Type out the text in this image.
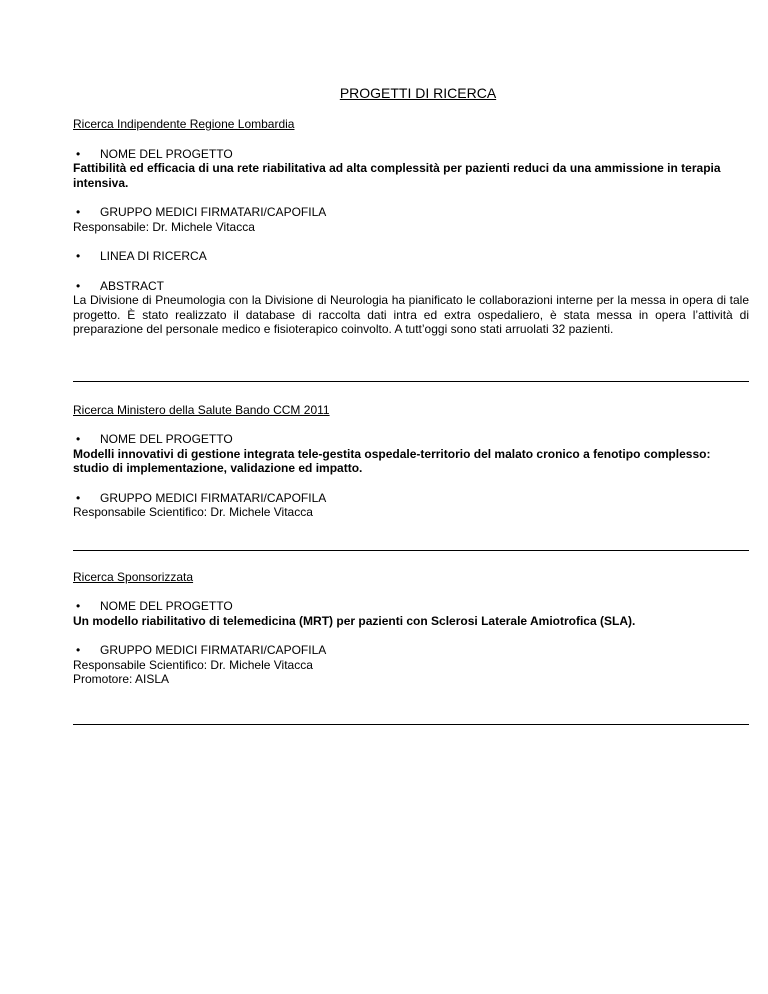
PROGETTI DI RICERCA
Ricerca Indipendente Regione Lombardia
•	NOME DEL PROGETTO
Fattibilità ed efficacia di una rete riabilitativa ad alta complessità per pazienti reduci da una ammissione in terapia intensiva.
•	GRUPPO MEDICI FIRMATARI/CAPOFILA
Responsabile: Dr. Michele Vitacca
•	LINEA DI RICERCA
•	ABSTRACT
La Divisione di Pneumologia con la Divisione di Neurologia ha pianificato le collaborazioni interne per la messa in opera di tale progetto. È stato realizzato il database di raccolta dati intra ed extra ospedaliero, è stata messa in opera l’attività di preparazione del personale medico e fisioterapico coinvolto. A tutt’oggi sono stati arruolati 32 pazienti.
Ricerca Ministero della Salute Bando CCM 2011
•	NOME DEL PROGETTO
Modelli innovativi di gestione integrata tele-gestita ospedale-territorio del malato cronico a fenotipo complesso: studio di implementazione, validazione ed impatto.
•	GRUPPO MEDICI FIRMATARI/CAPOFILA
Responsabile Scientifico: Dr. Michele Vitacca
Ricerca Sponsorizzata
•	NOME DEL PROGETTO
Un modello riabilitativo di telemedicina (MRT) per pazienti con Sclerosi Laterale Amiotrofica (SLA).
•	GRUPPO MEDICI FIRMATARI/CAPOFILA
Responsabile Scientifico: Dr. Michele Vitacca
Promotore: AISLA
